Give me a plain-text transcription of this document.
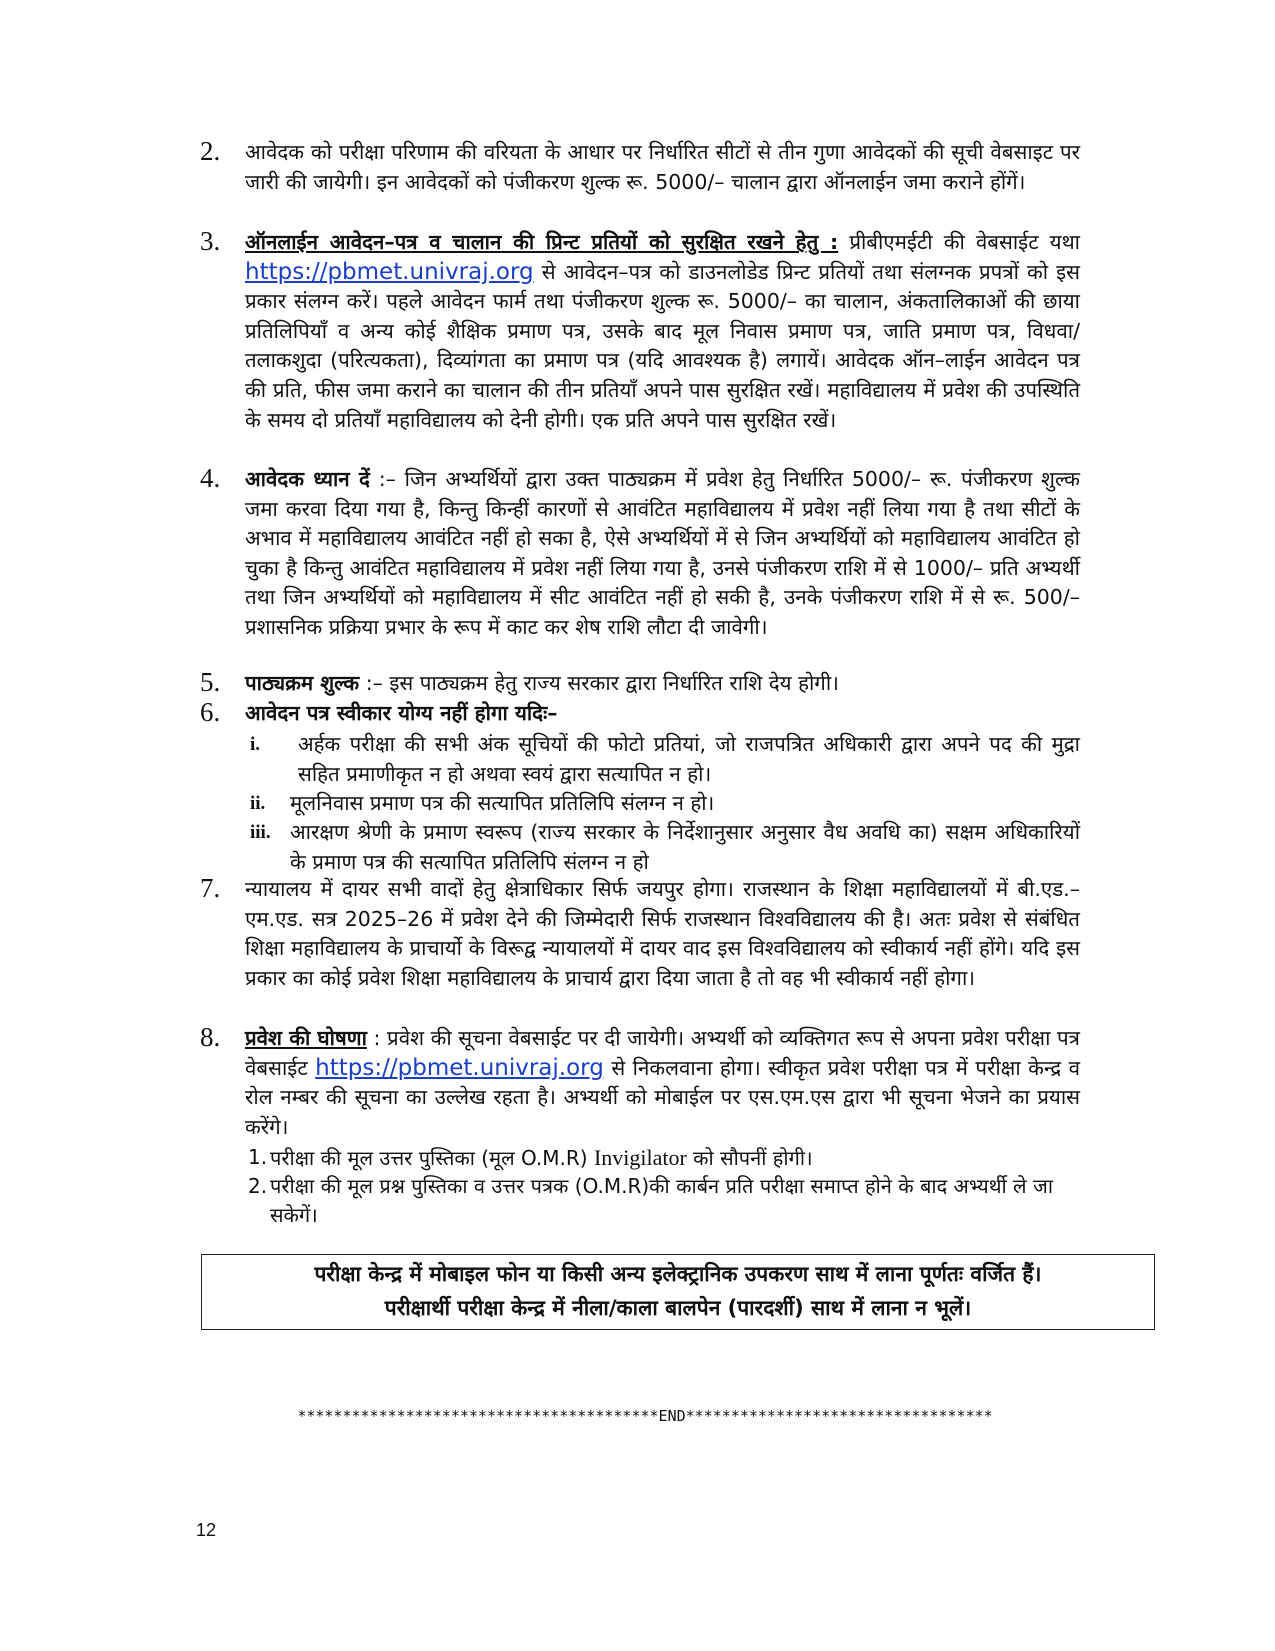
2. आवेदक को परीक्षा परिणाम की वरियता के आधार पर निर्धारित सीटों से तीन गुणा आवेदकों की सूची वेबसाइट पर जारी की जायेगी। इन आवेदकों को पंजीकरण शुल्क रू. 5000/– चालान द्वारा ऑनलाईन जमा कराने होंगें।
3. ऑनलाईन आवेदन–पत्र व चालान की प्रिन्ट प्रतियों को सुरक्षित रखने हेतु : प्रीबीएमईटी की वेबसाईट यथा https://pbmet.univraj.org से आवेदन–पत्र को डाउनलोडेड प्रिन्ट प्रतियों तथा संलग्नक प्रपत्रों को इस प्रकार संलग्न करें। पहले आवेदन फार्म तथा पंजीकरण शुल्क रू. 5000/– का चालान, अंकतालिकाओं की छाया प्रतिलिपियॉं व अन्य कोई शैक्षिक प्रमाण पत्र, उसके बाद मूल निवास प्रमाण पत्र, जाति प्रमाण पत्र, विधवा/तलाकशुदा (परित्यकता), दिव्यांगता का प्रमाण पत्र (यदि आवश्यक है) लगायें। आवेदक ऑन–लाईन आवेदन पत्र की प्रति, फीस जमा कराने का चालान की तीन प्रतियाँ अपने पास सुरक्षित रखें। महाविद्यालय में प्रवेश की उपस्थिति के समय दो प्रतियाँ महाविद्यालय को देनी होगी। एक प्रति अपने पास सुरक्षित रखें।
4. आवेदक ध्यान दें :– जिन अभ्यर्थियों द्वारा उक्त पाठ्यक्रम में प्रवेश हेतु निर्धारित 5000/– रू. पंजीकरण शुल्क जमा करवा दिया गया है, किन्तु किन्हीं कारणों से आवंटित महाविद्यालय में प्रवेश नहीं लिया गया है तथा सीटों के अभाव में महाविद्यालय आवंटित नहीं हो सका है, ऐसे अभ्यर्थियों में से जिन अभ्यर्थियों को महाविद्यालय आवंटित हो चुका है किन्तु आवंटित महाविद्यालय में प्रवेश नहीं लिया गया है, उनसे पंजीकरण राशि में से 1000/– प्रति अभ्यर्थी तथा जिन अभ्यर्थियों को महाविद्यालय में सीट आवंटित नहीं हो सकी है, उनके पंजीकरण राशि में से रू. 500/– प्रशासनिक प्रक्रिया प्रभार के रूप में काट कर शेष राशि लौटा दी जावेगी।
5. पाठ्यक्रम शुल्क :– इस पाठ्यक्रम हेतु राज्य सरकार द्वारा निर्धारित राशि देय होगी।
6. आवेदन पत्र स्वीकार योग्य नहीं होगा यदिः–
i. अर्हक परीक्षा की सभी अंक सूचियों की फोटो प्रतियां, जो राजपत्रित अधिकारी द्वारा अपने पद की मुद्रा सहित प्रमाणीकृत न हो अथवा स्वयं द्वारा सत्यापित न हो।
ii. मूलनिवास प्रमाण पत्र की सत्यापित प्रतिलिपि संलग्न न हो।
iii. आरक्षण श्रेणी के प्रमाण स्वरूप (राज्य सरकार के निर्देशानुसार अनुसार वैध अवधि का) सक्षम अधिकारियों के प्रमाण पत्र की सत्यापित प्रतिलिपि संलग्न न हो
7. न्यायालय में दायर सभी वादों हेतु क्षेत्राधिकार सिर्फ जयपुर होगा। राजस्थान के शिक्षा महाविद्यालयों में बी.एड.–एम.एड. सत्र 2025–26 में प्रवेश देने की जिम्मेदारी सिर्फ राजस्थान विश्वविद्यालय की है। अतः प्रवेश से संबंधित शिक्षा महाविद्यालय के प्राचार्यो के विरूद्व न्यायालयों में दायर वाद इस विश्वविद्यालय को स्वीकार्य नहीं होंगे। यदि इस प्रकार का कोई प्रवेश शिक्षा महाविद्यालय के प्राचार्य द्वारा दिया जाता है तो वह भी स्वीकार्य नहीं होगा।
8. प्रवेश की घोषणा : प्रवेश की सूचना वेबसाईट पर दी जायेगी। अभ्यर्थी को व्यक्तिगत रूप से अपना प्रवेश परीक्षा पत्र वेबसाईट https://pbmet.univraj.org से निकलवाना होगा। स्वीकृत प्रवेश परीक्षा पत्र में परीक्षा केन्द्र व रोल नम्बर की सूचना का उल्लेख रहता है। अभ्यर्थी को मोबाईल पर एस.एम.एस द्वारा भी सूचना भेजने का प्रयास करेंगे।
1. परीक्षा की मूल उत्तर पुस्तिका (मूल O.M.R) Invigilator को सौपनीं होगी।
2. परीक्षा की मूल प्रश्न पुस्तिका व उत्तर पत्रक (O.M.R)की कार्बन प्रति परीक्षा समाप्त होने के बाद अभ्यर्थी ले जा सकेगें।
परीक्षा केन्द्र में मोबाइल फोन या किसी अन्य इलेक्ट्रानिक उपकरण साथ में लाना पूर्णतः वर्जित हैं।
परीक्षार्थी परीक्षा केन्द्र में नीला/काला बालपेन (पारदर्शी) साथ में लाना न भूलें।
****************************************END**********************************
12
